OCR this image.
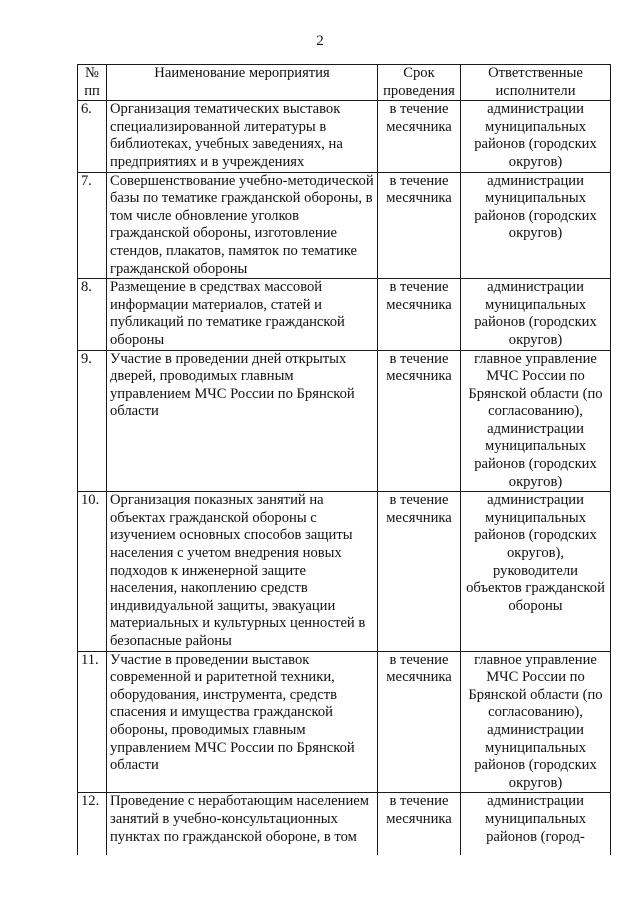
2
№ пп	Наименование мероприятия	Срок проведения	Ответственные исполнители
6.	Организация тематических выставок специализированной литературы в библиотеках, учебных заведениях, на предприятиях и в учреждениях	в течение месячника	администрации муниципальных районов (городских округов)
7.	Совершенствование учебно-методической базы по тематике гражданской обороны, в том числе обновление уголков гражданской обороны, изготовление стендов, плакатов, памяток по тематике гражданской обороны	в течение месячника	администрации муниципальных районов (городских округов)
8.	Размещение в средствах массовой информации материалов, статей и публикаций по тематике гражданской обороны	в течение месячника	администрации муниципальных районов (городских округов)
9.	Участие в проведении дней открытых дверей, проводимых главным управлением МЧС России по Брянской области	в течение месячника	главное управление МЧС России по Брянской области (по согласованию), администрации муниципальных районов (городских округов)
10.	Организация показных занятий на объектах гражданской обороны с изучением основных способов защиты населения с учетом внедрения новых подходов к инженерной защите населения, накоплению средств индивидуальной защиты, эвакуации материальных и культурных ценностей в безопасные районы	в течение месячника	администрации муниципальных районов (городских округов), руководители объектов гражданской обороны
11.	Участие в проведении выставок современной и раритетной техники, оборудования, инструмента, средств спасения и имущества гражданской обороны, проводимых главным управлением МЧС России по Брянской области	в течение месячника	главное управление МЧС России по Брянской области (по согласованию), администрации муниципальных районов (городских округов)
12.	Проведение с неработающим населением занятий в учебно-консультационных пунктах по гражданской обороне, в том	в течение месячника	администрации муниципальных районов (город-
